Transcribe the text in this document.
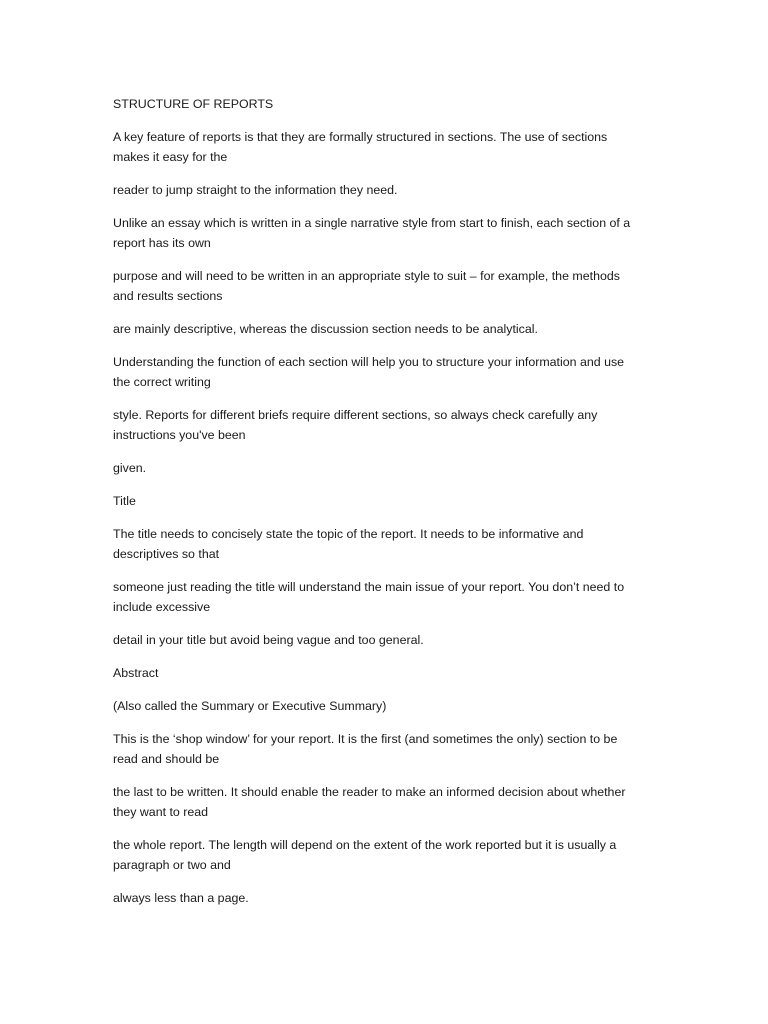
STRUCTURE OF REPORTS

A key feature of reports is that they are formally structured in sections. The use of sections
makes it easy for the

reader to jump straight to the information they need.

Unlike an essay which is written in a single narrative style from start to finish, each section of a
report has its own

purpose and will need to be written in an appropriate style to suit – for example, the methods
and results sections

are mainly descriptive, whereas the discussion section needs to be analytical.

Understanding the function of each section will help you to structure your information and use
the correct writing

style. Reports for different briefs require different sections, so always check carefully any
instructions you've been

given.

Title

The title needs to concisely state the topic of the report. It needs to be informative and
descriptives so that

someone just reading the title will understand the main issue of your report. You don’t need to
include excessive

detail in your title but avoid being vague and too general.

Abstract

(Also called the Summary or Executive Summary)

This is the ‘shop window’ for your report. It is the first (and sometimes the only) section to be
read and should be

the last to be written. It should enable the reader to make an informed decision about whether
they want to read

the whole report. The length will depend on the extent of the work reported but it is usually a
paragraph or two and

always less than a page.
